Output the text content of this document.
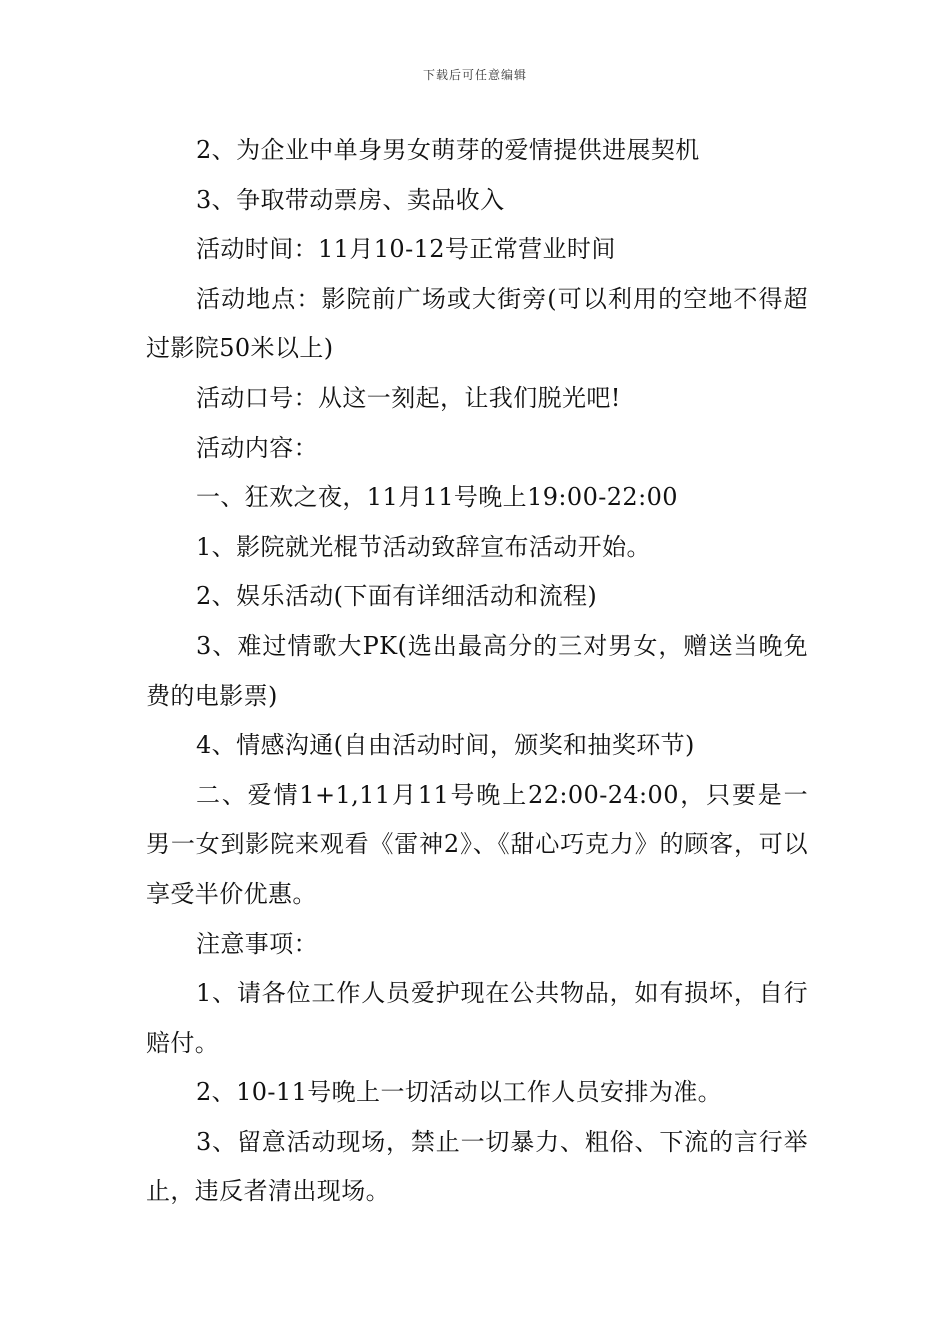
下载后可任意编辑

2、为企业中单身男女萌芽的爱情提供进展契机

3、争取带动票房、卖品收入

活动时间：11月10-12号正常营业时间

活动地点：影院前广场或大街旁(可以利用的空地不得超过影院50米以上)

活动口号：从这一刻起，让我们脱光吧!

活动内容：

一、狂欢之夜，11月11号晚上19:00-22:00

1、影院就光棍节活动致辞宣布活动开始。

2、娱乐活动(下面有详细活动和流程)

3、难过情歌大PK(选出最高分的三对男女，赠送当晚免费的电影票)

4、情感沟通(自由活动时间，颁奖和抽奖环节)

二、爱情1+1,11月11号晚上22:00-24:00，只要是一男一女到影院来观看《雷神2》、《甜心巧克力》的顾客，可以享受半价优惠。

注意事项：

1、请各位工作人员爱护现在公共物品，如有损坏，自行赔付。

2、10-11号晚上一切活动以工作人员安排为准。

3、留意活动现场，禁止一切暴力、粗俗、下流的言行举止，违反者清出现场。
